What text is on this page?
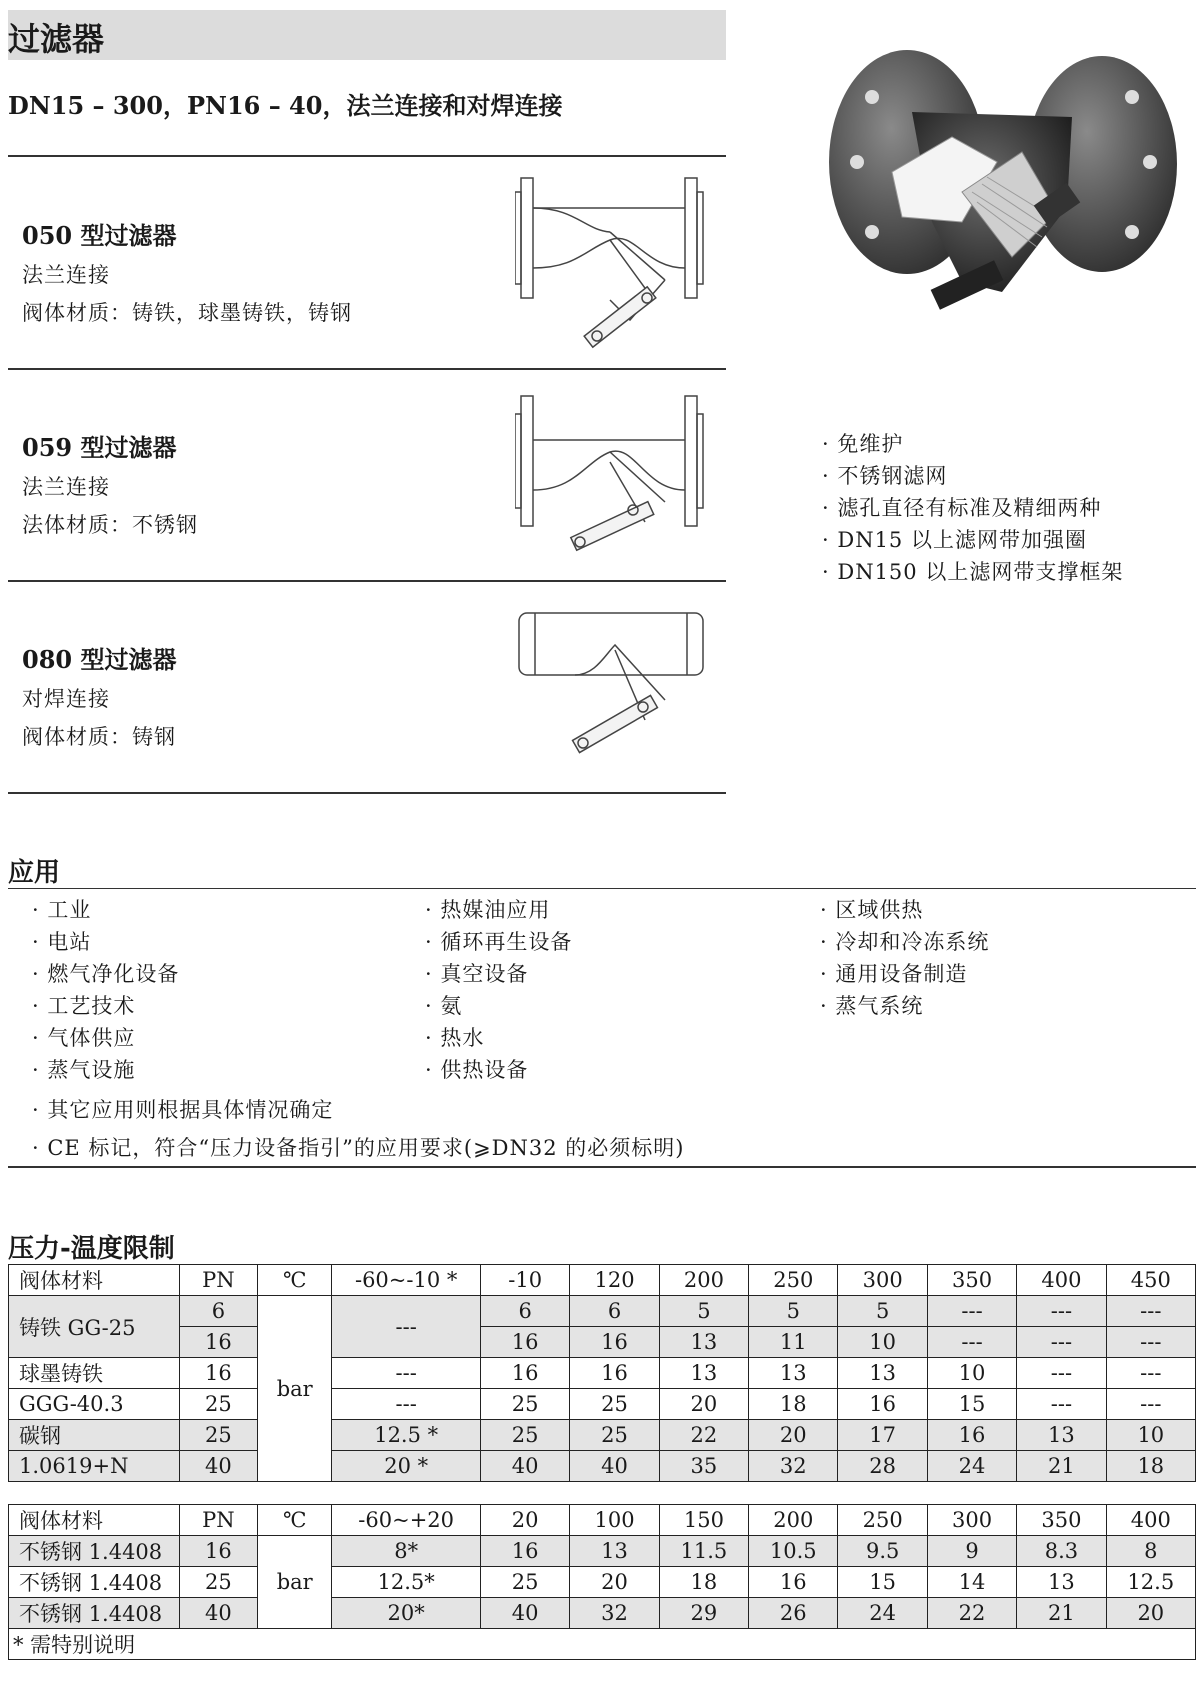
过滤器
DN15 – 300，PN16 – 40，法兰连接和对焊连接
050 型过滤器
法兰连接
阀体材质：铸铁，球墨铸铁，铸钢
059 型过滤器
法兰连接
法体材质：不锈钢
080 型过滤器
对焊连接
阀体材质：铸钢
· 免维护
· 不锈钢滤网
· 滤孔直径有标准及精细两种
· DN15 以上滤网带加强圈
· DN150 以上滤网带支撑框架
应用
· 工业
· 电站
· 燃气净化设备
· 工艺技术
· 气体供应
· 蒸气设施
· 热媒油应用
· 循环再生设备
· 真空设备
· 氨
· 热水
· 供热设备
· 区域供热
· 冷却和冷冻系统
· 通用设备制造
· 蒸气系统
· 其它应用则根据具体情况确定
· CE 标记，符合“压力设备指引”的应用要求(⩾DN32 的必须标明)
压力-温度限制
阀体材料	PN	℃	-60~-10 *	-10	120	200	250	300	350	400	450
铸铁 GG-25	6	bar	---	6	6	5	5	5	---	---	---
	16			16	16	13	11	10	---	---	---
球墨铸铁	16		---	16	16	13	13	13	10	---	---
GGG-40.3	25		---	25	25	20	18	16	15	---	---
碳钢	25		12.5 *	25	25	22	20	17	16	13	10
1.0619+N	40		20 *	40	40	35	32	28	24	21	18
阀体材料	PN	℃	-60~+20	20	100	150	200	250	300	350	400
不锈钢 1.4408	16	bar	8*	16	13	11.5	10.5	9.5	9	8.3	8
不锈钢 1.4408	25		12.5*	25	20	18	16	15	14	13	12.5
不锈钢 1.4408	40		20*	40	32	29	26	24	22	21	20
* 需特别说明											
